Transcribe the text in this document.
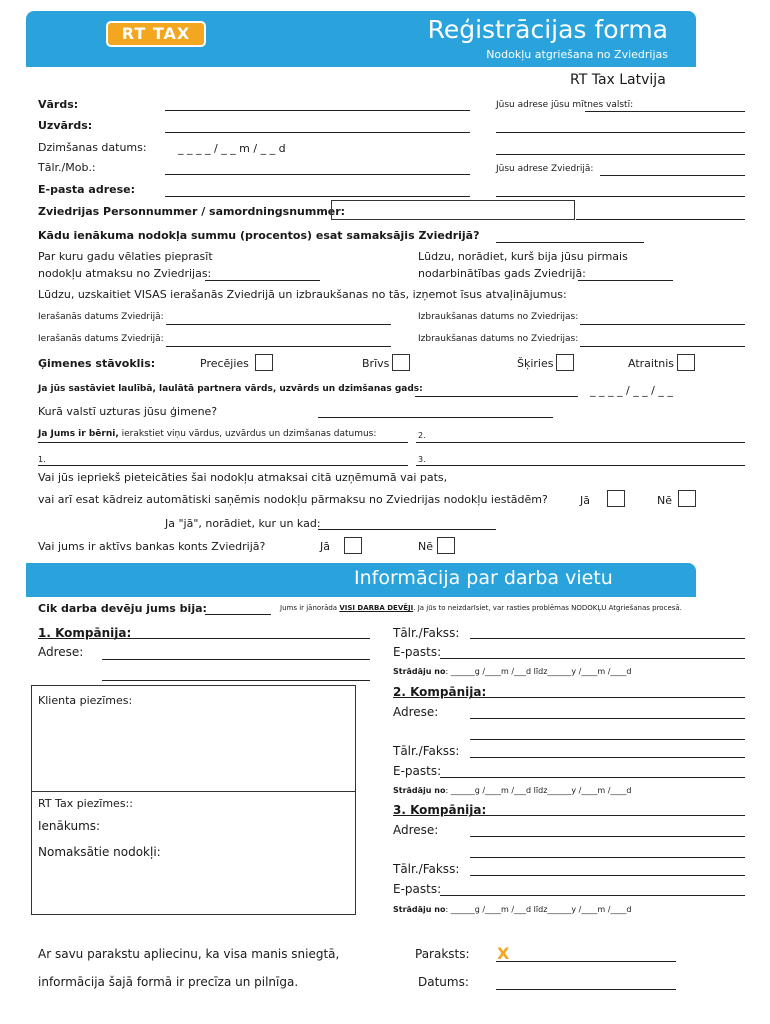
RT TAX	Reģistrācijas forma
Nodokļu atgriešana no Zviedrijas
RT Tax Latvija
Vārds:	Jūsu adrese jūsu mītnes valstī:
Uzvārds:
Dzimšanas datums:	_ _ _ _ / _ _ m / _ _ d
Tālr./Mob.:	Jūsu adrese Zviedrijā:
E-pasta adrese:
Zviedrijas Personnummer / samordningsnummer:
Kādu ienākuma nodokļa summu (procentos) esat samaksājis Zviedrijā?
Par kuru gadu vēlaties pieprasīt
nodokļu atmaksu no Zviedrijas:
Lūdzu, norādiet, kurš bija jūsu pirmais
nodarbinātības gads Zviedrijā:
Lūdzu, uzskaitiet VISAS ierašanās Zviedrijā un izbraukšanas no tās, izņemot īsus atvaļinājumus:
Ierašanās datums Zviedrijā:	Izbraukšanas datums no Zviedrijas:
Ierašanās datums Zviedrijā:	Izbraukšanas datums no Zviedrijas:
Ģimenes stāvoklis:	Precējies	Brīvs	Šķiries	Atraitnis
Ja jūs sastāviet laulībā, laulātā partnera vārds, uzvārds un dzimšanas gads:	_ _ _ _ / _ _ / _ _
Kurā valstī uzturas jūsu ģimene?
Ja Jums ir bērni, ierakstiet viņu vārdus, uzvārdus un dzimšanas datumus:	2.
1.	3.
Vai jūs iepriekš pieteicāties šai nodokļu atmaksai citā uzņēmumā vai pats,
vai arī esat kādreiz automātiski saņēmis nodokļu pārmaksu no Zviedrijas nodokļu iestādēm?	Jā	Nē
Ja "jā", norādiet, kur un kad:
Vai jums ir aktīvs bankas konts Zviedrijā?	Jā	Nē
Informācija par darba vietu
Cik darba devēju jums bija:	Jums ir jānorāda VISI DARBA DEVĒJI. Ja jūs to neizdarīsiet, var rasties problēmas NODOKĻU Atgriešanas procesā.
1. Kompānija:
Adrese:
Tālr./Fakss:
E-pasts:
Strādāju no: ______g /____m /___d līdz______y /____m /____d
Klienta piezīmes:
RT Tax piezīmes::
Ienākums:
Nomaksātie nodokļi:
2. Kompānija:
Adrese:
Tālr./Fakss:
E-pasts:
Strādāju no: ______g /____m /___d līdz______y /____m /____d
3. Kompānija:
Adrese:
Tālr./Fakss:
E-pasts:
Strādāju no: ______g /____m /___d līdz______y /____m /____d
Ar savu parakstu apliecinu, ka visa manis sniegtā,
informācija šajā formā ir precīza un pilnīga.
Paraksts: X
Datums:
